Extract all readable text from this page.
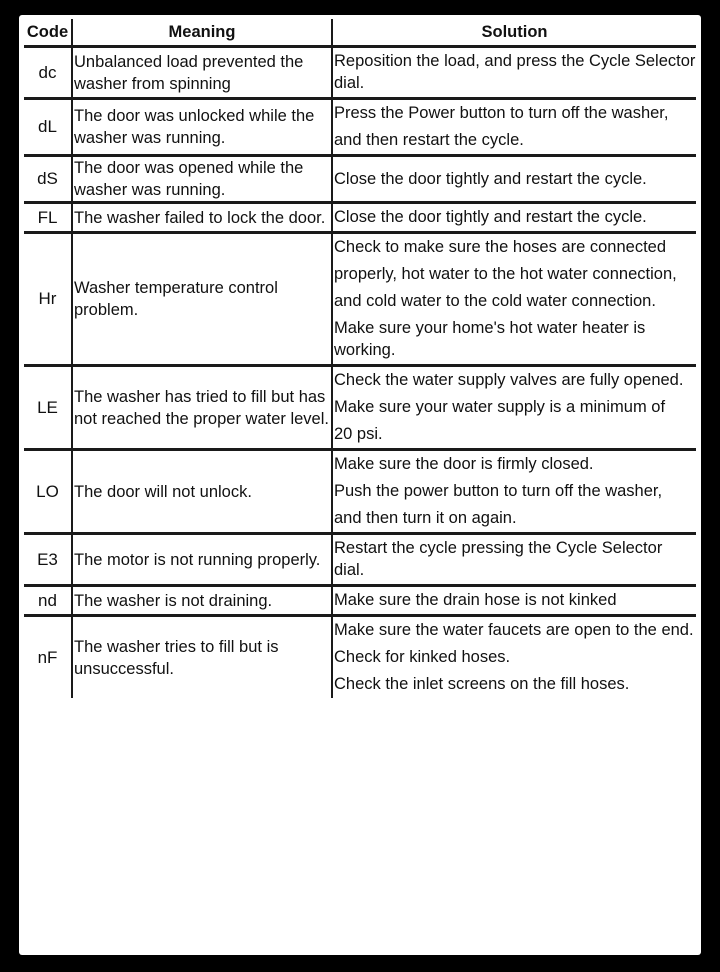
Code	Meaning	Solution
dc	Unbalanced load prevented the washer from spinning	Reposition the load, and press the Cycle Selector dial.

dL	The door was unlocked while the washer was running.	Press the Power button to turn off the washer,
and then restart the cycle.

dS	The door was opened while the washer was running.	Close the door tightly and restart the cycle.

FL	The washer failed to lock the door.	Close the door tightly and restart the cycle.

Hr	Washer temperature control problem.	Check to make sure the hoses are connected
properly, hot water to the hot water connection,
and cold water to the cold water connection.
Make sure your home's hot water heater is working.

LE	The washer has tried to fill but has not reached the proper water level.	Check the water supply valves are fully opened.
Make sure your water supply is a minimum of
20 psi.

LO	The door will not unlock.	Make sure the door is firmly closed.
Push the power button to turn off the washer,
and then turn it on again.

E3	The motor is not running properly.	Restart the cycle pressing the Cycle Selector dial.

nd	The washer is not draining.	Make sure the drain hose is not kinked

nF	The washer tries to fill but is unsuccessful.	Make sure the water faucets are open to the end.
Check for kinked hoses.
Check the inlet screens on the fill hoses.
